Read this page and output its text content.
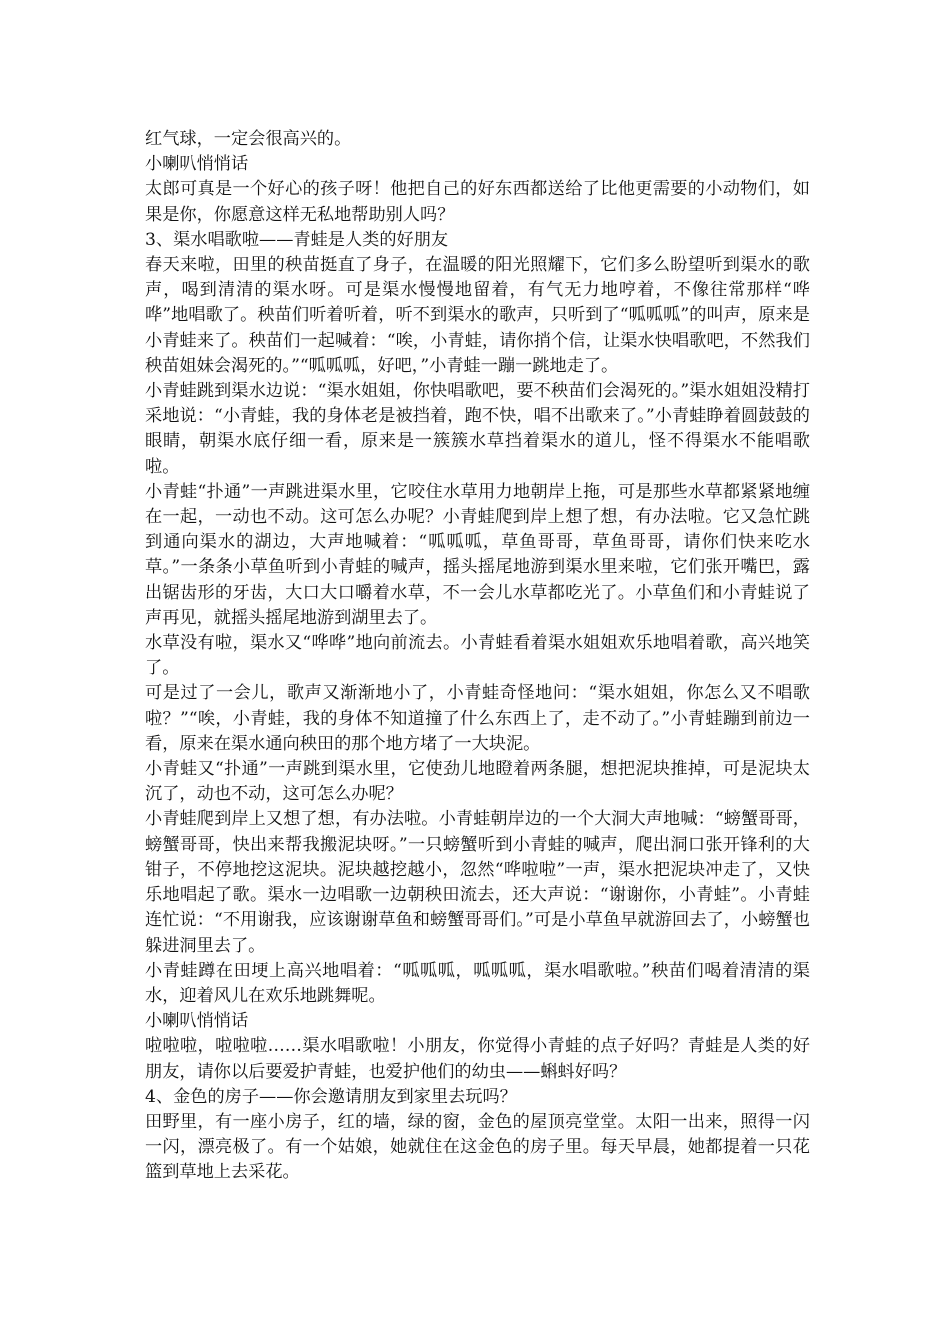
红气球，一定会很高兴的。

小喇叭悄悄话

太郎可真是一个好心的孩子呀！他把自己的好东西都送给了比他更需要的小动物们，如果是你，你愿意这样无私地帮助别人吗？

3、渠水唱歌啦——青蛙是人类的好朋友

春天来啦，田里的秧苗挺直了身子，在温暖的阳光照耀下，它们多么盼望听到渠水的歌声，喝到清清的渠水呀。可是渠水慢慢地留着，有气无力地哼着，不像往常那样“哗哗”地唱歌了。秧苗们听着听着，听不到渠水的歌声，只听到了“呱呱呱”的叫声，原来是小青蛙来了。秧苗们一起喊着：“唉，小青蛙，请你捎个信，让渠水快唱歌吧，不然我们秧苗姐妹会渴死的。”“呱呱呱，好吧，”小青蛙一蹦一跳地走了。

小青蛙跳到渠水边说：“渠水姐姐，你快唱歌吧，要不秧苗们会渴死的。”渠水姐姐没精打采地说：“小青蛙，我的身体老是被挡着，跑不快，唱不出歌来了。”小青蛙睁着圆鼓鼓的眼睛，朝渠水底仔细一看，原来是一簇簇水草挡着渠水的道儿，怪不得渠水不能唱歌啦。

小青蛙“扑通”一声跳进渠水里，它咬住水草用力地朝岸上拖，可是那些水草都紧紧地缠在一起，一动也不动。这可怎么办呢？小青蛙爬到岸上想了想，有办法啦。它又急忙跳到通向渠水的湖边，大声地喊着：“呱呱呱，草鱼哥哥，草鱼哥哥，请你们快来吃水草。”一条条小草鱼听到小青蛙的喊声，摇头摇尾地游到渠水里来啦，它们张开嘴巴，露出锯齿形的牙齿，大口大口嚼着水草，不一会儿水草都吃光了。小草鱼们和小青蛙说了声再见，就摇头摇尾地游到湖里去了。

水草没有啦，渠水又“哗哗”地向前流去。小青蛙看着渠水姐姐欢乐地唱着歌，高兴地笑了。

可是过了一会儿，歌声又渐渐地小了，小青蛙奇怪地问：“渠水姐姐，你怎么又不唱歌啦？”“唉，小青蛙，我的身体不知道撞了什么东西上了，走不动了。”小青蛙蹦到前边一看，原来在渠水通向秧田的那个地方堵了一大块泥。

小青蛙又“扑通”一声跳到渠水里，它使劲儿地瞪着两条腿，想把泥块推掉，可是泥块太沉了，动也不动，这可怎么办呢？

小青蛙爬到岸上又想了想，有办法啦。小青蛙朝岸边的一个大洞大声地喊：“螃蟹哥哥，螃蟹哥哥，快出来帮我搬泥块呀。”一只螃蟹听到小青蛙的喊声，爬出洞口张开锋利的大钳子，不停地挖这泥块。泥块越挖越小，忽然“哗啦啦”一声，渠水把泥块冲走了，又快乐地唱起了歌。渠水一边唱歌一边朝秧田流去，还大声说：“谢谢你，小青蛙”。小青蛙连忙说：“不用谢我，应该谢谢草鱼和螃蟹哥哥们。”可是小草鱼早就游回去了，小螃蟹也躲进洞里去了。

小青蛙蹲在田埂上高兴地唱着：“呱呱呱，呱呱呱，渠水唱歌啦。”秧苗们喝着清清的渠水，迎着风儿在欢乐地跳舞呢。

小喇叭悄悄话

啦啦啦，啦啦啦……渠水唱歌啦！小朋友，你觉得小青蛙的点子好吗？青蛙是人类的好朋友，请你以后要爱护青蛙，也爱护他们的幼虫——蝌蚪好吗？

4、金色的房子——你会邀请朋友到家里去玩吗？

田野里，有一座小房子，红的墙，绿的窗，金色的屋顶亮堂堂。太阳一出来，照得一闪一闪，漂亮极了。有一个姑娘，她就住在这金色的房子里。每天早晨，她都提着一只花篮到草地上去采花。
